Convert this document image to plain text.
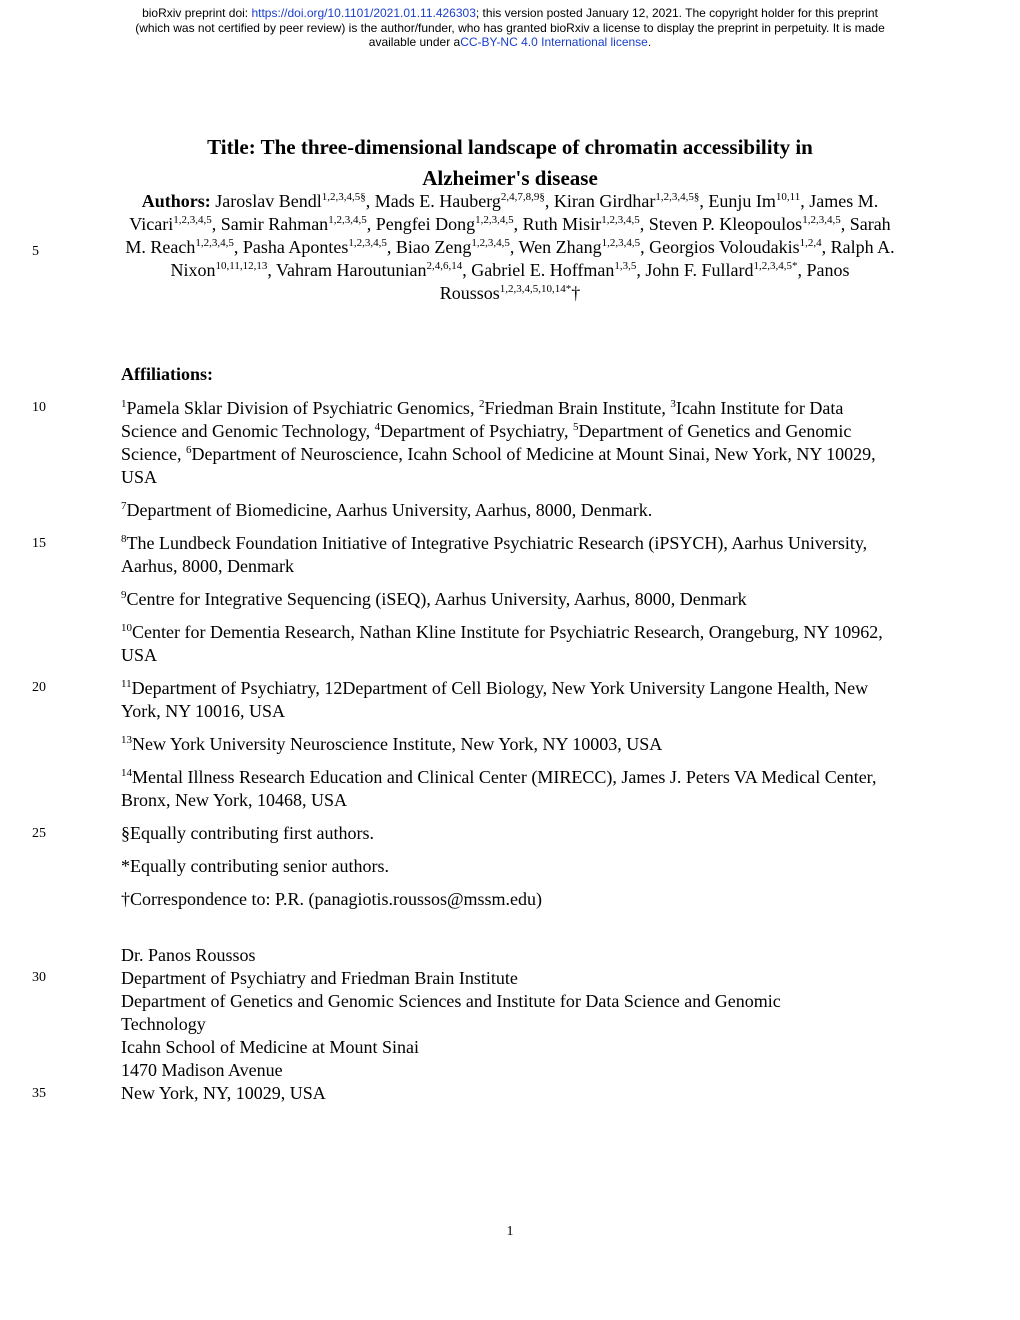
bioRxiv preprint doi: https://doi.org/10.1101/2021.01.11.426303; this version posted January 12, 2021. The copyright holder for this preprint
(which was not certified by peer review) is the author/funder, who has granted bioRxiv a license to display the preprint in perpetuity. It is made
available under aCC-BY-NC 4.0 International license.
Title: The three-dimensional landscape of chromatin accessibility in
Alzheimer's disease
Authors: Jaroslav Bendl$^{1,2,3,4,5\S}$, Mads E. Hauberg$^{2,4,7,8,9\S}$, Kiran Girdhar$^{1,2,3,4,5\S}$, Eunju Im$^{10,11}$, James M. Vicari$^{1,2,3,4,5}$, Samir Rahman$^{1,2,3,4,5}$, Pengfei Dong$^{1,2,3,4,5}$, Ruth Misir$^{1,2,3,4,5}$, Steven P. Kleopoulos$^{1,2,3,4,5}$, Sarah M. Reach$^{1,2,3,4,5}$, Pasha Apontes$^{1,2,3,4,5}$, Biao Zeng$^{1,2,3,4,5}$, Wen Zhang$^{1,2,3,4,5}$, Georgios Voloudakis$^{1,2,4}$, Ralph A. Nixon$^{10,11,12,13}$, Vahram Haroutunian$^{2,4,6,14}$, Gabriel E. Hoffman$^{1,3,5}$, John F. Fullard$^{1,2,3,4,5*}$, Panos Roussos$^{1,2,3,4,5,10,14*}$†
5
10
15
20
25
30
35
Affiliations:
$^1$Pamela Sklar Division of Psychiatric Genomics, $^2$Friedman Brain Institute, $^3$Icahn Institute for Data Science and Genomic Technology, $^4$Department of Psychiatry, $^5$Department of Genetics and Genomic Science, $^6$Department of Neuroscience, Icahn School of Medicine at Mount Sinai, New York, NY 10029, USA
$^7$Department of Biomedicine, Aarhus University, Aarhus, 8000, Denmark.
$^8$The Lundbeck Foundation Initiative of Integrative Psychiatric Research (iPSYCH), Aarhus University, Aarhus, 8000, Denmark
$^9$Centre for Integrative Sequencing (iSEQ), Aarhus University, Aarhus, 8000, Denmark
$^{10}$Center for Dementia Research, Nathan Kline Institute for Psychiatric Research, Orangeburg, NY 10962, USA
$^{11}$Department of Psychiatry, 12Department of Cell Biology, New York University Langone Health, New York, NY 10016, USA
$^{13}$New York University Neuroscience Institute, New York, NY 10003, USA
$^{14}$Mental Illness Research Education and Clinical Center (MIRECC), James J. Peters VA Medical Center, Bronx, New York, 10468, USA
§Equally contributing first authors.
*Equally contributing senior authors.
†Correspondence to: P.R. (panagiotis.roussos@mssm.edu)
Dr. Panos Roussos
Department of Psychiatry and Friedman Brain Institute
Department of Genetics and Genomic Sciences and Institute for Data Science and Genomic
Technology
Icahn School of Medicine at Mount Sinai
1470 Madison Avenue
New York, NY, 10029, USA
1
